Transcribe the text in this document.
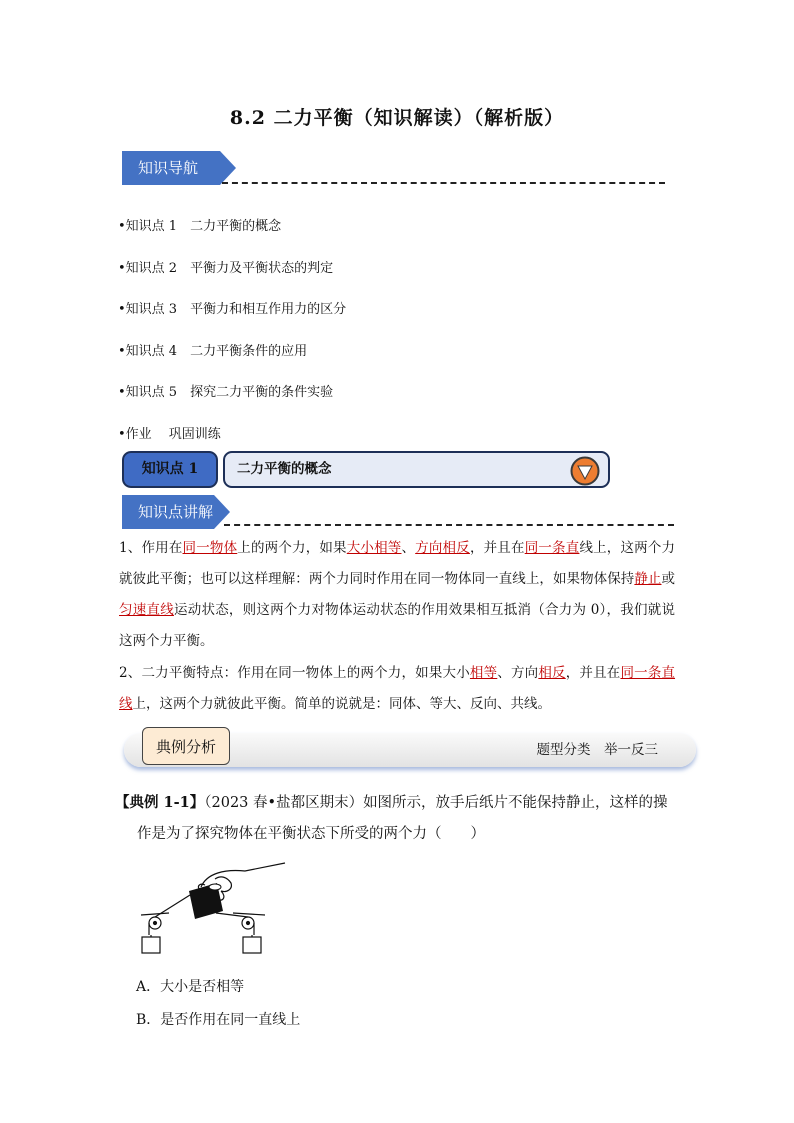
8.2 二力平衡（知识解读）（解析版）
知识导航
•知识点 1　二力平衡的概念
•知识点 2　平衡力及平衡状态的判定
•知识点 3　平衡力和相互作用力的区分
•知识点 4　二力平衡条件的应用
•知识点 5　探究二力平衡的条件实验
•作业　 巩固训练
知识点 1	二力平衡的概念
知识点讲解
1、作用在同一物体上的两个力，如果大小相等、方向相反，并且在同一条直线上，这两个力就彼此平衡；也可以这样理解：两个力同时作用在同一物体同一直线上，如果物体保持静止或匀速直线运动状态，则这两个力对物体运动状态的作用效果相互抵消（合力为 0），我们就说这两个力平衡。
2、二力平衡特点：作用在同一物体上的两个力，如果大小相等、方向相反，并且在同一条直线上，这两个力就彼此平衡。简单的说就是：同体、等大、反向、共线。
典例分析	题型分类　举一反三
【典例 1-1】（2023 春•盐都区期末）如图所示，放手后纸片不能保持静止，这样的操作是为了探究物体在平衡状态下所受的两个力（　　）
A．大小是否相等
B．是否作用在同一直线上
